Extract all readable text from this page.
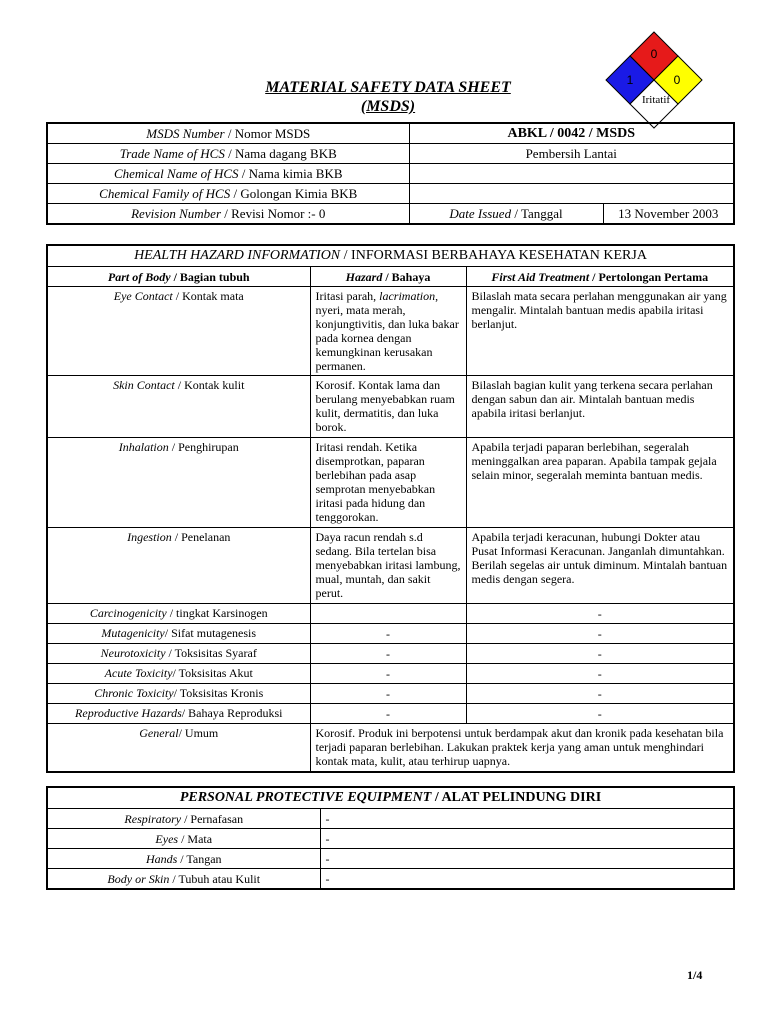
MATERIAL SAFETY DATA SHEET
(MSDS)
0
1	0
Iritatif
MSDS Number / Nomor MSDS	ABKL / 0042 / MSDS	
Trade Name of HCS / Nama dagang BKB	Pembersih Lantai	
Chemical Name of HCS / Nama kimia BKB		
Chemical Family of HCS / Golongan Kimia BKB		
Revision Number / Revisi Nomor :- 0	Date Issued / Tanggal	13 November 2003
HEALTH HAZARD INFORMATION / INFORMASI BERBAHAYA KESEHATAN KERJA		
Part of Body / Bagian tubuh	Hazard / Bahaya	First Aid Treatment / Pertolongan Pertama
Eye Contact / Kontak mata	Iritasi parah, lacrimation, nyeri, mata merah, konjungtivitis, dan luka bakar pada kornea dengan kemungkinan kerusakan permanen.	Bilaslah mata secara perlahan menggunakan air yang mengalir. Mintalah bantuan medis apabila iritasi berlanjut.
Skin Contact / Kontak kulit	Korosif. Kontak lama dan berulang menyebabkan ruam kulit, dermatitis, dan luka borok.	Bilaslah bagian kulit yang terkena secara perlahan dengan sabun dan air. Mintalah bantuan medis apabila iritasi berlanjut.
Inhalation / Penghirupan	Iritasi rendah. Ketika disemprotkan, paparan berlebihan pada asap semprotan menyebabkan iritasi pada hidung dan tenggorokan.	Apabila terjadi paparan berlebihan, segeralah meninggalkan area paparan. Apabila tampak gejala selain minor, segeralah meminta bantuan medis.
Ingestion / Penelanan	Daya racun rendah s.d sedang. Bila tertelan bisa menyebabkan iritasi lambung, mual, muntah, dan sakit perut.	Apabila terjadi keracunan, hubungi Dokter atau Pusat Informasi Keracunan. Janganlah dimuntahkan. Berilah segelas air untuk diminum. Mintalah bantuan medis dengan segera.
Carcinogenicity / tingkat Karsinogen		-
Mutagenicity/ Sifat mutagenesis	-	-
Neurotoxicity / Toksisitas Syaraf	-	-
Acute Toxicity/ Toksisitas Akut	-	-
Chronic Toxicity/ Toksisitas Kronis	-	-
Reproductive Hazards/ Bahaya Reproduksi	-	-
General/ Umum	Korosif. Produk ini berpotensi untuk berdampak akut dan kronik pada kesehatan bila terjadi paparan berlebihan. Lakukan praktek kerja yang aman untuk menghindari kontak mata, kulit, atau terhirup uapnya.	
PERSONAL PROTECTIVE EQUIPMENT / ALAT PELINDUNG DIRI	
Respiratory / Pernafasan	-
Eyes / Mata	-
Hands / Tangan	-
Body or Skin / Tubuh atau Kulit	-
1/4
